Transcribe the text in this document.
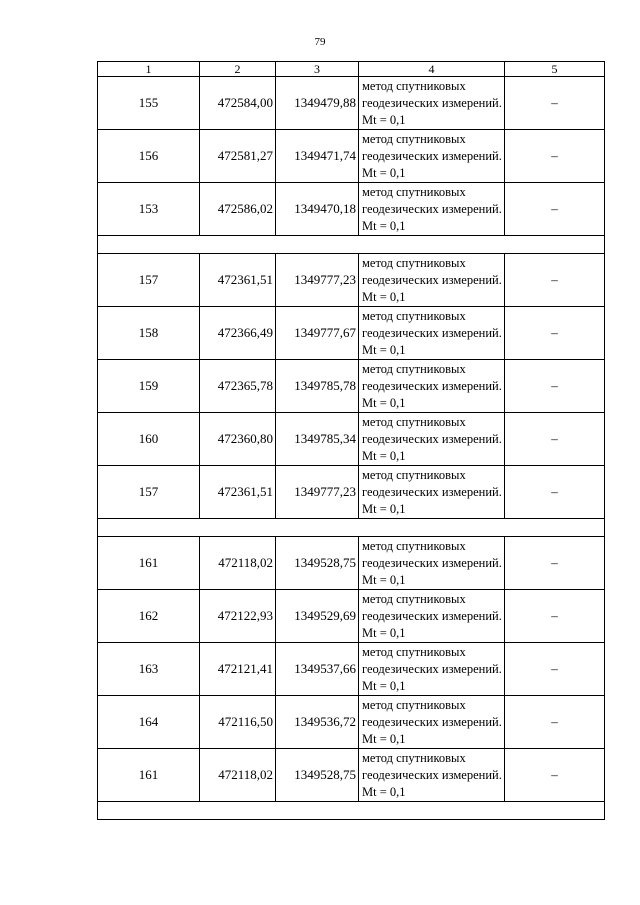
79
1	2	3	4	5
155	472584,00	1349479,88	метод спутниковых геодезических измерений. Mt = 0,1	–
156	472581,27	1349471,74	метод спутниковых геодезических измерений. Mt = 0,1	–
153	472586,02	1349470,18	метод спутниковых геодезических измерений. Mt = 0,1	–

157	472361,51	1349777,23	метод спутниковых геодезических измерений. Mt = 0,1	–
158	472366,49	1349777,67	метод спутниковых геодезических измерений. Mt = 0,1	–
159	472365,78	1349785,78	метод спутниковых геодезических измерений. Mt = 0,1	–
160	472360,80	1349785,34	метод спутниковых геодезических измерений. Mt = 0,1	–
157	472361,51	1349777,23	метод спутниковых геодезических измерений. Mt = 0,1	–

161	472118,02	1349528,75	метод спутниковых геодезических измерений. Mt = 0,1	–
162	472122,93	1349529,69	метод спутниковых геодезических измерений. Mt = 0,1	–
163	472121,41	1349537,66	метод спутниковых геодезических измерений. Mt = 0,1	–
164	472116,50	1349536,72	метод спутниковых геодезических измерений. Mt = 0,1	–
161	472118,02	1349528,75	метод спутниковых геодезических измерений. Mt = 0,1	–
